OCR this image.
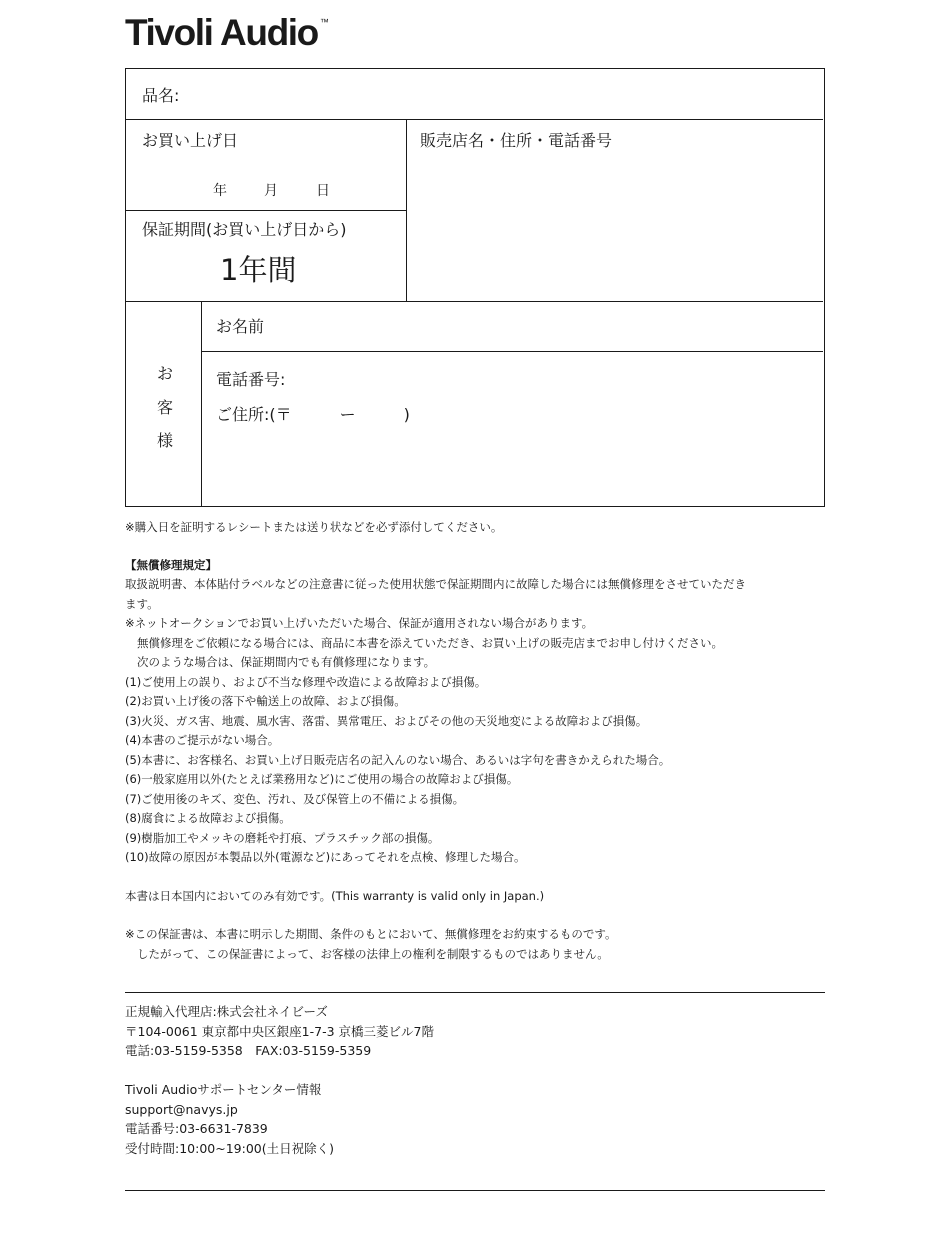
Tivoli Audio ™
品名:
お買い上げ日
年	月	日
販売店名・住所・電話番号
保証期間(お買い上げ日から)
1年間
お
客
様
お名前
電話番号:
ご住所:(〒　　　ー　　　)

※購入日を証明するレシートまたは送り状などを必ず添付してください。

【無償修理規定】

取扱説明書、本体貼付ラベルなどの注意書に従った使用状態で保証期間内に故障した場合には無償修理をさせていただき

ます。

※ネットオークションでお買い上げいただいた場合、保証が適用されない場合があります。

無償修理をご依頼になる場合には、商品に本書を添えていただき、お買い上げの販売店までお申し付けください。

次のような場合は、保証期間内でも有償修理になります。

(1)ご使用上の誤り、および不当な修理や改造による故障および損傷。

(2)お買い上げ後の落下や輸送上の故障、および損傷。

(3)火災、ガス害、地震、風水害、落雷、異常電圧、およびその他の天災地変による故障および損傷。

(4)本書のご提示がない場合。

(5)本書に、お客様名、お買い上げ日販売店名の記入んのない場合、あるいは字句を書きかえられた場合。

(6)一般家庭用以外(たとえば業務用など)にご使用の場合の故障および損傷。

(7)ご使用後のキズ、変色、汚れ、及び保管上の不備による損傷。

(8)腐食による故障および損傷。

(9)樹脂加工やメッキの磨耗や打痕、プラスチック部の損傷。

(10)故障の原因が本製品以外(電源など)にあってそれを点検、修理した場合。

本書は日本国内においてのみ有効です。(This warranty is valid only in Japan.)

※この保証書は、本書に明示した期間、条件のもとにおいて、無償修理をお約束するものです。

したがって、この保証書によって、お客様の法律上の権利を制限するものではありません。

正規輸入代理店:株式会社ネイビーズ
〒104-0061 東京都中央区銀座1-7-3 京橋三菱ビル7階
電話:03-5159-5358　FAX:03-5159-5359
Tivoli Audioサポートセンター情報
support@navys.jp
電話番号:03-6631-7839
受付時間:10:00~19:00(土日祝除く)
